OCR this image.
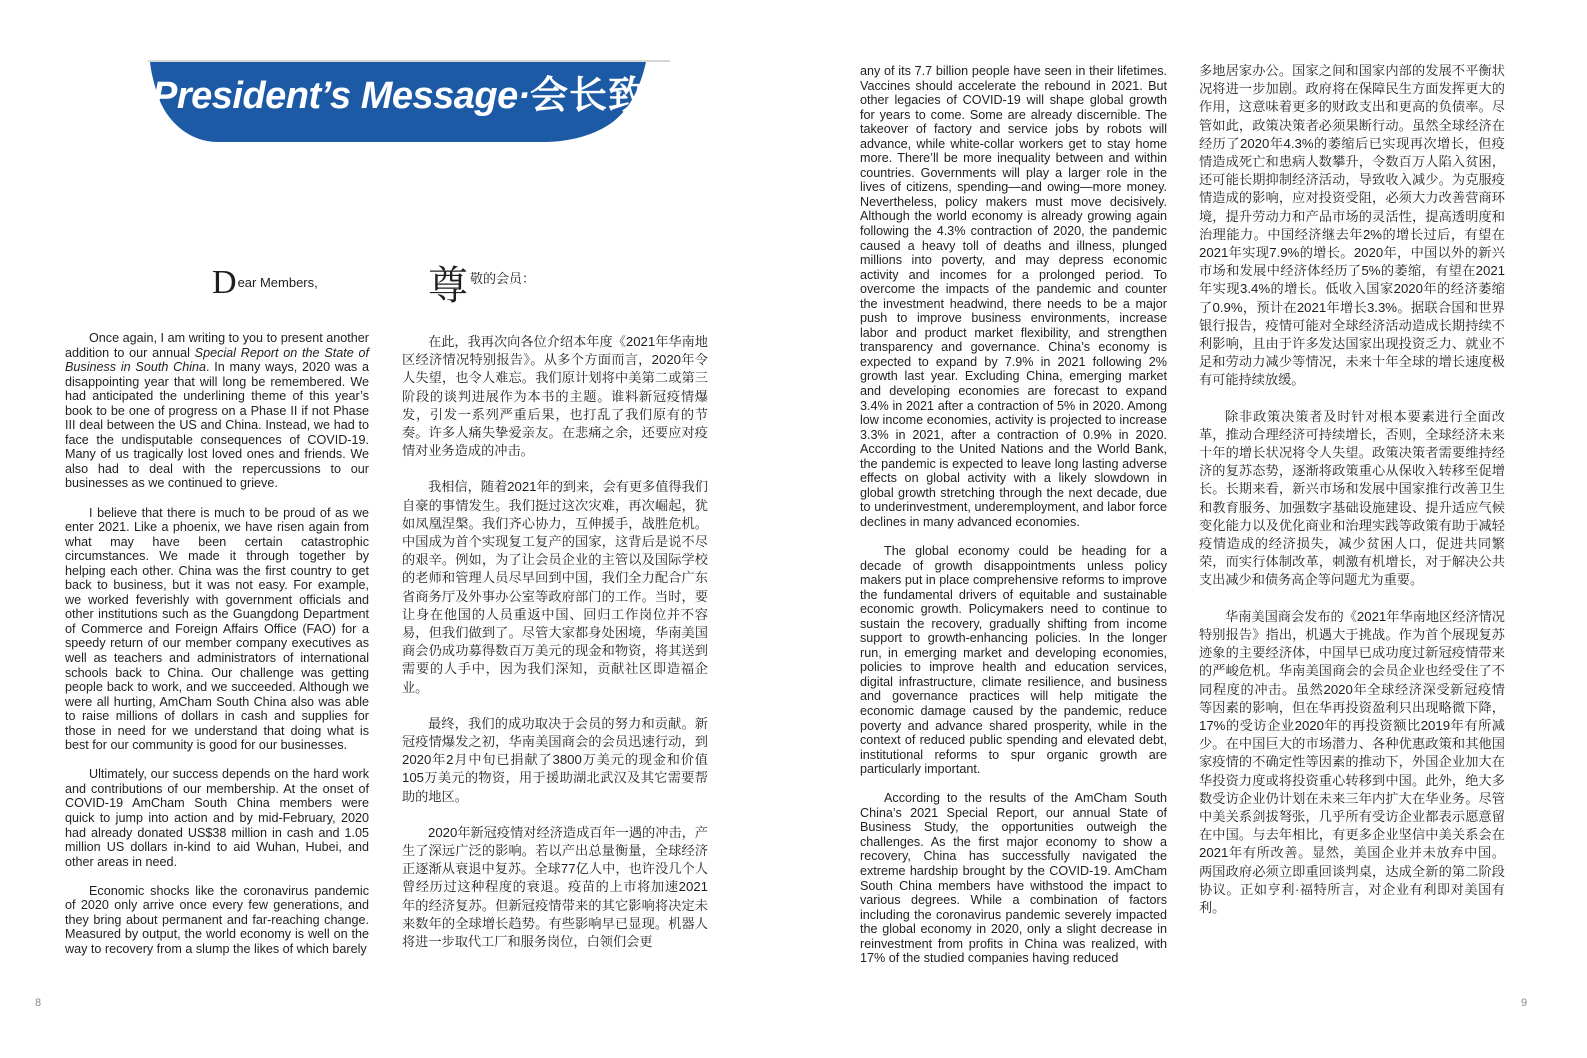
President’s Message·会长致辞
Dear Members,	尊敬的会员：

Once again, I am writing to you to present another addition to our annual Special Report on the State of Business in South China. In many ways, 2020 was a disappointing year that will long be remembered. We had anticipated the underlining theme of this year’s book to be one of progress on a Phase II if not Phase III deal between the US and China. Instead, we had to face the undisputable consequences of COVID-19. Many of us tragically lost loved ones and friends. We also had to deal with the repercussions to our businesses as we continued to grieve.

I believe that there is much to be proud of as we enter 2021. Like a phoenix, we have risen again from what may have been certain catastrophic circumstances. We made it through together by helping each other. China was the first country to get back to business, but it was not easy. For example, we worked feverishly with government officials and other institutions such as the Guangdong Department of Commerce and Foreign Affairs Office (FAO) for a speedy return of our member company executives as well as teachers and administrators of international schools back to China. Our challenge was getting people back to work, and we succeeded. Although we were all hurting, AmCham South China also was able to raise millions of dollars in cash and supplies for those in need for we understand that doing what is best for our community is good for our businesses.

Ultimately, our success depends on the hard work and contributions of our membership. At the onset of COVID-19 AmCham South China members were quick to jump into action and by mid-February, 2020 had already donated US$38 million in cash and 1.05 million US dollars in-kind to aid Wuhan, Hubei, and other areas in need.

Economic shocks like the coronavirus pandemic of 2020 only arrive once every few generations, and they bring about permanent and far-reaching change. Measured by output, the world economy is well on the way to recovery from a slump the likes of which barely

在此，我再次向各位介绍本年度《2021年华南地区经济情况特别报告》。从多个方面而言，2020年令人失望，也令人难忘。我们原计划将中美第二或第三阶段的谈判进展作为本书的主题。谁料新冠疫情爆发，引发一系列严重后果，也打乱了我们原有的节奏。许多人痛失挚爱亲友。在悲痛之余，还要应对疫情对业务造成的冲击。

我相信，随着2021年的到来，会有更多值得我们自豪的事情发生。我们挺过这次灾难，再次崛起，犹如凤凰涅槃。我们齐心协力，互伸援手，战胜危机。中国成为首个实现复工复产的国家，这背后是说不尽的艰辛。例如，为了让会员企业的主管以及国际学校的老师和管理人员尽早回到中国，我们全力配合广东省商务厅及外事办公室等政府部门的工作。当时，要让身在他国的人员重返中国、回归工作岗位并不容易，但我们做到了。尽管大家都身处困境，华南美国商会仍成功募得数百万美元的现金和物资，将其送到需要的人手中，因为我们深知，贡献社区即造福企业。

最终，我们的成功取决于会员的努力和贡献。新冠疫情爆发之初，华南美国商会的会员迅速行动，到2020年2月中旬已捐献了3800万美元的现金和价值105万美元的物资，用于援助湖北武汉及其它需要帮助的地区。

2020年新冠疫情对经济造成百年一遇的冲击，产生了深远广泛的影响。若以产出总量衡量，全球经济正逐渐从衰退中复苏。全球77亿人中，也许没几个人曾经历过这种程度的衰退。疫苗的上市将加速2021年的经济复苏。但新冠疫情带来的其它影响将决定未来数年的全球增长趋势。有些影响早已显现。机器人将进一步取代工厂和服务岗位，白领们会更

any of its 7.7 billion people have seen in their lifetimes. Vaccines should accelerate the rebound in 2021. But other legacies of COVID-19 will shape global growth for years to come. Some are already discernible. The takeover of factory and service jobs by robots will advance, while white-collar workers get to stay home more. There’ll be more inequality between and within countries. Governments will play a larger role in the lives of citizens, spending—and owing—more money. Nevertheless, policy makers must move decisively. Although the world economy is already growing again following the 4.3% contraction of 2020, the pandemic caused a heavy toll of deaths and illness, plunged millions into poverty, and may depress economic activity and incomes for a prolonged period. To overcome the impacts of the pandemic and counter the investment headwind, there needs to be a major push to improve business environments, increase labor and product market flexibility, and strengthen transparency and governance. China’s economy is expected to expand by 7.9% in 2021 following 2% growth last year. Excluding China, emerging market and developing economies are forecast to expand 3.4% in 2021 after a contraction of 5% in 2020. Among low income economies, activity is projected to increase 3.3% in 2021, after a contraction of 0.9% in 2020. According to the United Nations and the World Bank, the pandemic is expected to leave long lasting adverse effects on global activity with a likely slowdown in global growth stretching through the next decade, due to underinvestment, underemployment, and labor force declines in many advanced economies.

The global economy could be heading for a decade of growth disappointments unless policy makers put in place comprehensive reforms to improve the fundamental drivers of equitable and sustainable economic growth. Policymakers need to continue to sustain the recovery, gradually shifting from income support to growth-enhancing policies. In the longer run, in emerging market and developing economies, policies to improve health and education services, digital infrastructure, climate resilience, and business and governance practices will help mitigate the economic damage caused by the pandemic, reduce poverty and advance shared prosperity, while in the context of reduced public spending and elevated debt, institutional reforms to spur organic growth are particularly important.

According to the results of the AmCham South China’s 2021 Special Report, our annual State of Business Study, the opportunities outweigh the challenges. As the first major economy to show a recovery, China has successfully navigated the extreme hardship brought by the COVID-19. AmCham South China members have withstood the impact to various degrees. While a combination of factors including the coronavirus pandemic severely impacted the global economy in 2020, only a slight decrease in reinvestment from profits in China was realized, with 17% of the studied companies having reduced

多地居家办公。国家之间和国家内部的发展不平衡状况将进一步加剧。政府将在保障民生方面发挥更大的作用，这意味着更多的财政支出和更高的负债率。尽管如此，政策决策者必须果断行动。虽然全球经济在经历了2020年4.3%的萎缩后已实现再次增长，但疫情造成死亡和患病人数攀升，令数百万人陷入贫困，还可能长期抑制经济活动，导致收入减少。为克服疫情造成的影响，应对投资受阻，必须大力改善营商环境，提升劳动力和产品市场的灵活性，提高透明度和治理能力。中国经济继去年2%的增长过后，有望在2021年实现7.9%的增长。2020年，中国以外的新兴市场和发展中经济体经历了5%的萎缩，有望在2021年实现3.4%的增长。低收入国家2020年的经济萎缩了0.9%，预计在2021年增长3.3%。据联合国和世界银行报告，疫情可能对全球经济活动造成长期持续不利影响，且由于许多发达国家出现投资乏力、就业不足和劳动力减少等情况，未来十年全球的增长速度极有可能持续放缓。

除非政策决策者及时针对根本要素进行全面改革，推动合理经济可持续增长，否则，全球经济未来十年的增长状况将令人失望。政策决策者需要维持经济的复苏态势，逐渐将政策重心从保收入转移至促增长。长期来看，新兴市场和发展中国家推行改善卫生和教育服务、加强数字基础设施建设、提升适应气候变化能力以及优化商业和治理实践等政策有助于减轻疫情造成的经济损失，减少贫困人口，促进共同繁荣，而实行体制改革，刺激有机增长，对于解决公共支出减少和债务高企等问题尤为重要。

华南美国商会发布的《2021年华南地区经济情况特别报告》指出，机遇大于挑战。作为首个展现复苏迹象的主要经济体，中国早已成功度过新冠疫情带来的严峻危机。华南美国商会的会员企业也经受住了不同程度的冲击。虽然2020年全球经济深受新冠疫情等因素的影响，但在华再投资盈利只出现略微下降，17%的受访企业2020年的再投资额比2019年有所减少。在中国巨大的市场潜力、各种优惠政策和其他国家疫情的不确定性等因素的推动下，外国企业加大在华投资力度或将投资重心转移到中国。此外，绝大多数受访企业仍计划在未来三年内扩大在华业务。尽管中美关系剑拔弩张，几乎所有受访企业都表示愿意留在中国。与去年相比，有更多企业坚信中美关系会在2021年有所改善。显然，美国企业并未放弃中国。两国政府必须立即重回谈判桌，达成全新的第二阶段协议。正如亨利·福特所言，对企业有利即对美国有利。

8	9
